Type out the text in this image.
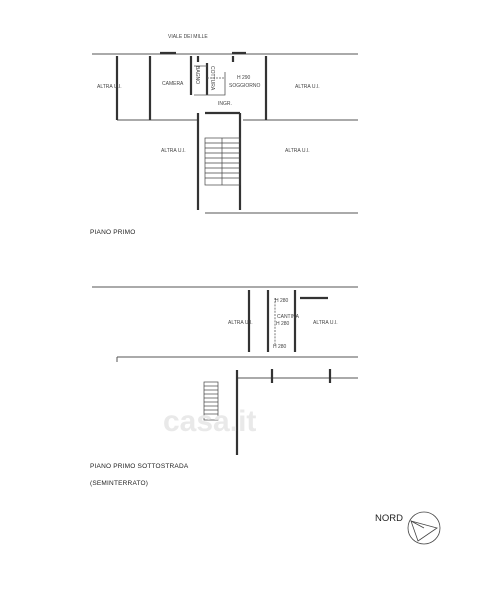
VIALE DEI MILLE
ALTRA U.I.	CAMERA BAGNO COTTURA	H 290
SOGGIORNO
INGR.
ALTRA U.I.
ALTRA U.I.	ALTRA U.I.
H 280
ALTRA U.I.
CANTINA
H 280	ALTRA U.I.
H 280
casa.it
PIANO PRIMO
PIANO PRIMO SOTTOSTRADA
(SEMINTERRATO)
NORD
